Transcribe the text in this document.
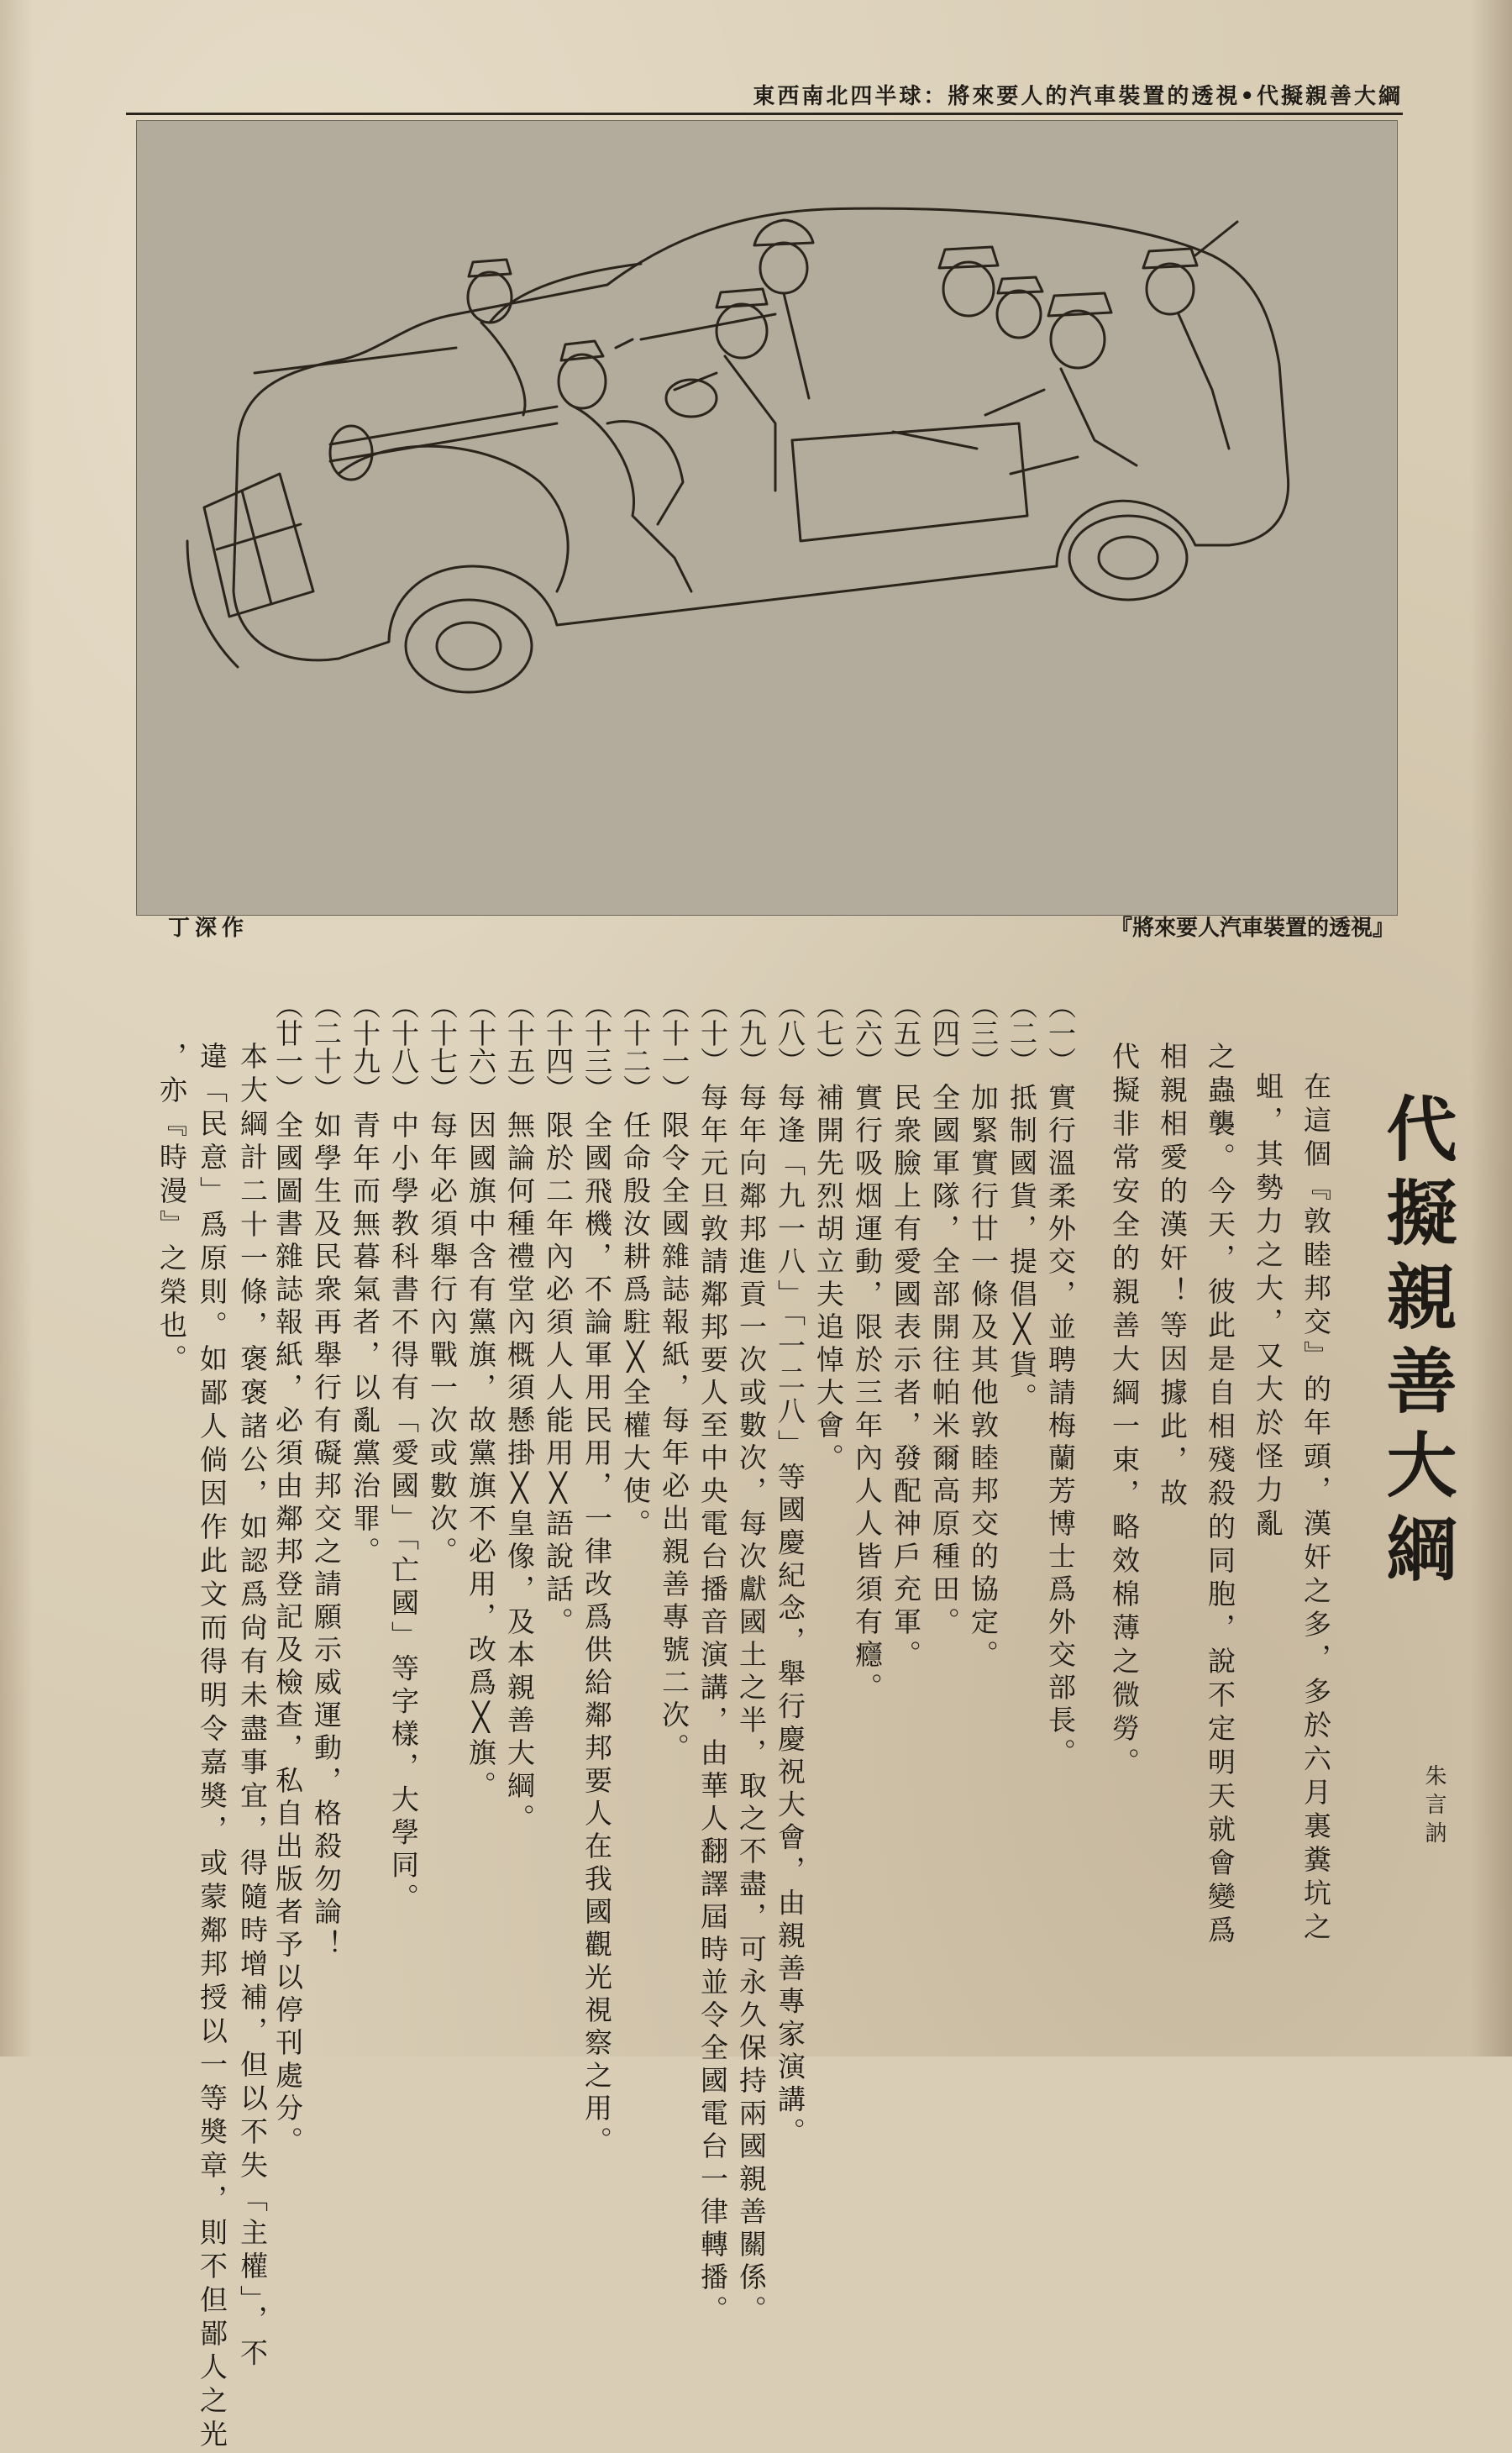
東西南北四半球：將來要人的汽車裝置的透視•代擬親善大綱
『將來要人汽車裝置的透視』
丁深作
代擬親善大綱
朱言訥
在這個『敦睦邦交』的年頭，漢奸之多，多於六月裏糞坑之蛆，其勢力之大，又大於怪力亂
之蟲襲。今天，彼此是自相殘殺的同胞，說不定明天就會變爲相親相愛的漢奸！等因據此，故
代擬非常安全的親善大綱一束，略效棉薄之微勞。
（一）實行溫柔外交，並聘請梅蘭芳博士爲外交部長。
（二）抵制國貨，提倡╳貨。
（三）加緊實行廿一條及其他敦睦邦交的協定。
（四）全國軍隊，全部開往帕米爾高原種田。
（五）民衆臉上有愛國表示者，發配神戶充軍。
（六）實行吸烟運動，限於三年內人人皆須有癮。
（七）補開先烈胡立夫追悼大會。
（八）每逢「九一八」「一二八」等國慶紀念，舉行慶祝大會，由親善專家演講。
（九）每年向鄰邦進貢一次或數次，每次獻國土之半，取之不盡，可永久保持兩國親善關係。
（十）每年元旦敦請鄰邦要人至中央電台播音演講，由華人翻譯屆時並令全國電台一律轉播。
（十一）限令全國雜誌報紙，每年必出親善專號二次。
（十二）任命殷汝耕爲駐╳全權大使。
（十三）全國飛機，不論軍用民用，一律改爲供給鄰邦要人在我國觀光視察之用。
（十四）限於二年內必須人人能用╳語說話。
（十五）無論何種禮堂內概須懸掛╳皇像，及本親善大綱。
（十六）因國旗中含有黨旗，故黨旗不必用，改爲╳旗。
（十七）每年必須舉行內戰一次或數次。
（十八）中小學教科書不得有「愛國」「亡國」等字樣，大學同。
（十九）青年而無暮氣者，以亂黨治罪。
（二十）如學生及民衆再舉行有礙邦交之請願示威運動，格殺勿論！
（廿一）全國圖書雜誌報紙，必須由鄰邦登記及檢查，私自出版者予以停刊處分。
本大綱計二十一條，褒褒諸公，如認爲尙有未盡事宜，得隨時增補，但以不失「主權」，不
違「民意」爲原則。如鄙人倘因作此文而得明令嘉奬，或蒙鄰邦授以一等奬章，則不但鄙人之光
，亦『時漫』之榮也。
